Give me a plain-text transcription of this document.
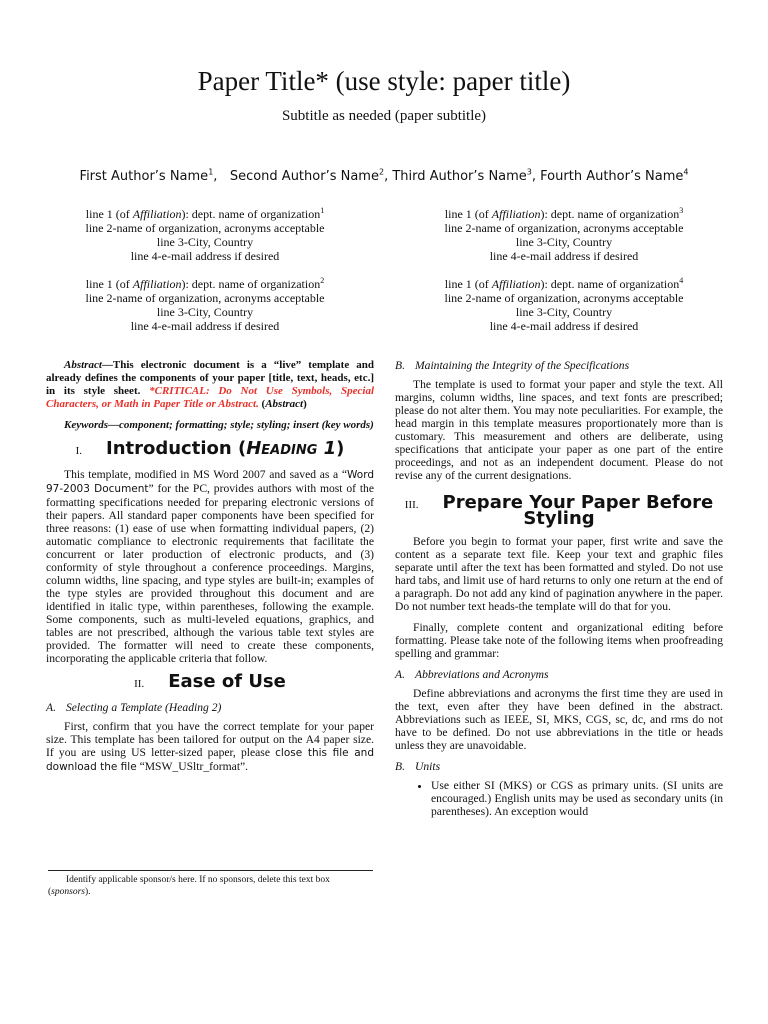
Paper Title* (use style: paper title)
Subtitle as needed (paper subtitle)
First Author’s Name$^1$, Second Author’s Name$^2$, Third Author’s Name$^3$, Fourth Author’s Name$^4$
line 1 (of Affiliation): dept. name of organization$^1$
line 2-name of organization, acronyms acceptable
line 3-City, Country
line 4-e-mail address if desired
line 1 (of Affiliation): dept. name of organization$^2$
line 2-name of organization, acronyms acceptable
line 3-City, Country
line 4-e-mail address if desired
line 1 (of Affiliation): dept. name of organization$^3$
line 2-name of organization, acronyms acceptable
line 3-City, Country
line 4-e-mail address if desired
line 1 (of Affiliation): dept. name of organization$^4$
line 2-name of organization, acronyms acceptable
line 3-City, Country
line 4-e-mail address if desired

Abstract—This electronic document is a “live” template and already defines the components of your paper [title, text, heads, etc.] in its style sheet. *CRITICAL: Do Not Use Symbols, Special Characters, or Math in Paper Title or Abstract. (Abstract)

Keywords—component; formatting; style; styling; insert (key words)

I. Introduction (Heading 1)

This template, modified in MS Word 2007 and saved as a “Word 97-2003 Document” for the PC, provides authors with most of the formatting specifications needed for preparing electronic versions of their papers. All standard paper components have been specified for three reasons: (1) ease of use when formatting individual papers, (2) automatic compliance to electronic requirements that facilitate the concurrent or later production of electronic products, and (3) conformity of style throughout a conference proceedings. Margins, column widths, line spacing, and type styles are built-in; examples of the type styles are provided throughout this document and are identified in italic type, within parentheses, following the example. Some components, such as multi-leveled equations, graphics, and tables are not prescribed, although the various table text styles are provided. The formatter will need to create these components, incorporating the applicable criteria that follow.

II. Ease of Use
A. Selecting a Template (Heading 2)

First, confirm that you have the correct template for your paper size. This template has been tailored for output on the A4 paper size. If you are using US letter-sized paper, please close this file and download the file “MSW_USltr_format”.

B. Maintaining the Integrity of the Specifications

The template is used to format your paper and style the text. All margins, column widths, line spaces, and text fonts are prescribed; please do not alter them. You may note peculiarities. For example, the head margin in this template measures proportionately more than is customary. This measurement and others are deliberate, using specifications that anticipate your paper as one part of the entire proceedings, and not as an independent document. Please do not revise any of the current designations.

III. Prepare Your Paper Before Styling

Before you begin to format your paper, first write and save the content as a separate text file. Keep your text and graphic files separate until after the text has been formatted and styled. Do not use hard tabs, and limit use of hard returns to only one return at the end of a paragraph. Do not add any kind of pagination anywhere in the paper. Do not number text heads-the template will do that for you.

Finally, complete content and organizational editing before formatting. Please take note of the following items when proofreading spelling and grammar:

A. Abbreviations and Acronyms

Define abbreviations and acronyms the first time they are used in the text, even after they have been defined in the abstract. Abbreviations such as IEEE, SI, MKS, CGS, sc, dc, and rms do not have to be defined. Do not use abbreviations in the title or heads unless they are unavoidable.

B. Units
• Use either SI (MKS) or CGS as primary units. (SI units are encouraged.) English units may be used as secondary units (in parentheses). An exception would
Identify applicable sponsor/s here. If no sponsors, delete this text box (sponsors).
